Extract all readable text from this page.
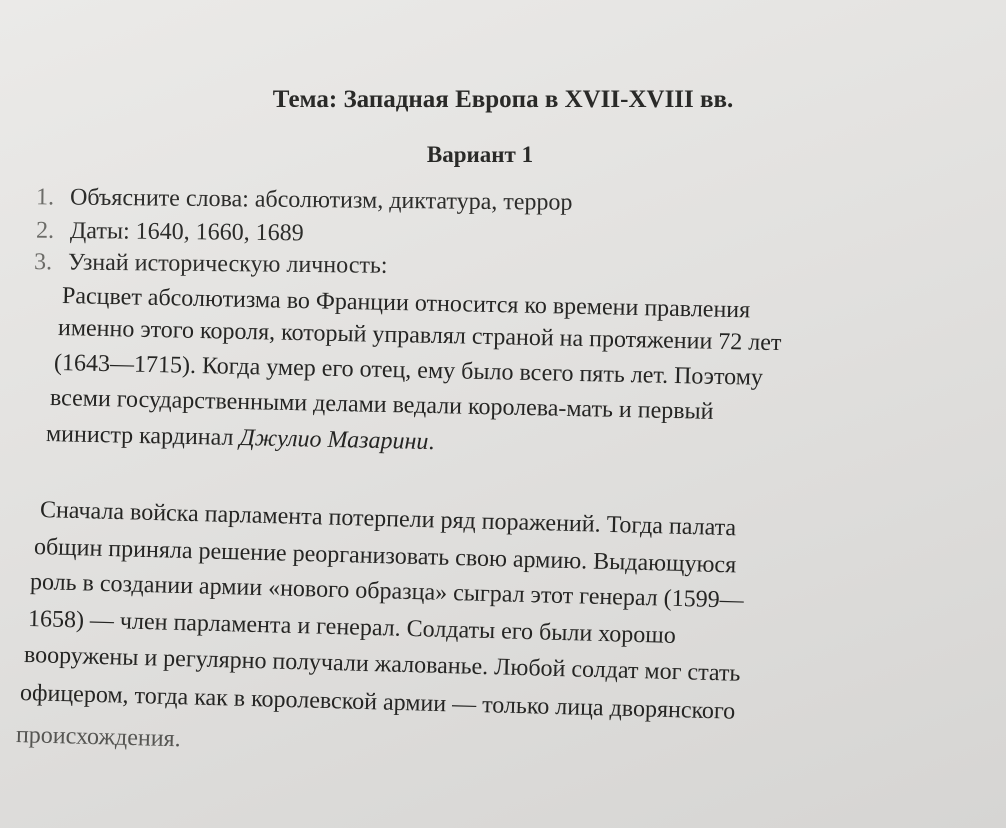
Тема: Западная Европа в XVII-XVIII вв.
Вариант 1
1. Объясните слова: абсолютизм, диктатура, террор
2. Даты: 1640, 1660, 1689
3. Узнай историческую личность:
Расцвет абсолютизма во Франции относится ко времени правления
именно этого короля, который управлял страной на протяжении 72 лет
(1643—1715). Когда умер его отец, ему было всего пять лет. Поэтому
всеми государственными делами ведали королева-мать и первый
министр кардинал Джулио Мазарини.
Сначала войска парламента потерпели ряд поражений. Тогда палата
общин приняла решение реорганизовать свою армию. Выдающуюся
роль в создании армии «нового образца» сыграл этот генерал (1599—
1658) — член парламента и генерал. Солдаты его были хорошо
вооружены и регулярно получали жалованье. Любой солдат мог стать
офицером, тогда как в королевской армии — только лица дворянского
происхождения.
